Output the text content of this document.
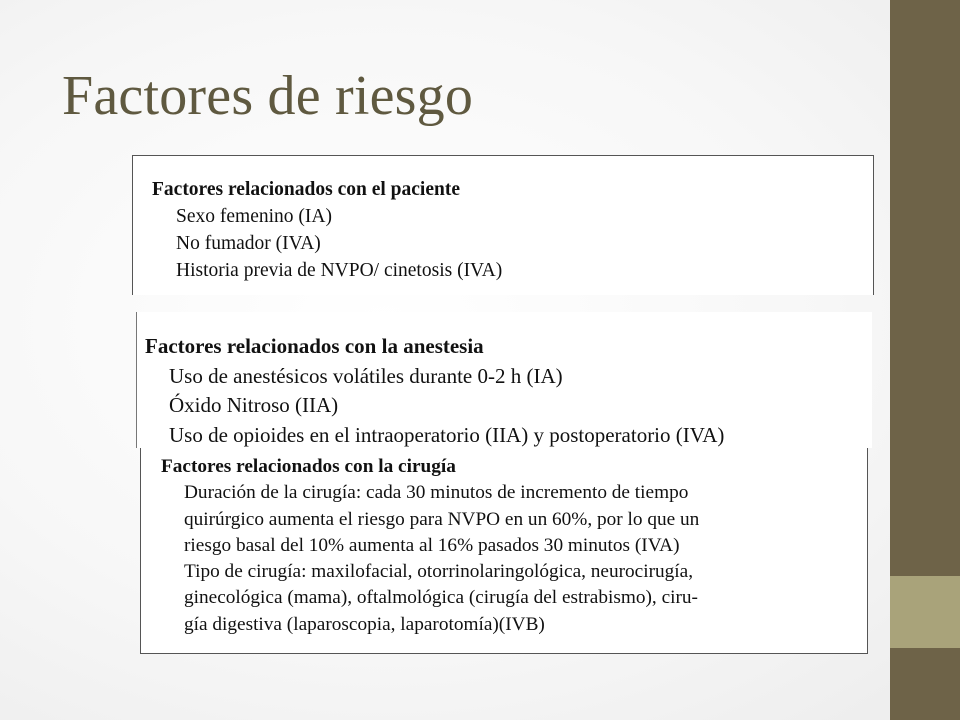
Factores de riesgo

Factores relacionados con el paciente

Sexo femenino (IA)

No fumador (IVA)

Historia previa de NVPO/ cinetosis (IVA)

Factores relacionados con la anestesia

Uso de anestésicos volátiles durante 0-2 h (IA)

Óxido Nitroso (IIA)

Uso de opioides en el intraoperatorio (IIA) y postoperatorio (IVA)

Factores relacionados con la cirugía

Duración de la cirugía: cada 30 minutos de incremento de tiempo

quirúrgico aumenta el riesgo para NVPO en un 60%, por lo que un

riesgo basal del 10% aumenta al 16% pasados 30 minutos (IVA)

Tipo de cirugía: maxilofacial, otorrinolaringológica, neurocirugía,

ginecológica (mama), oftalmológica (cirugía del estrabismo), ciru-

gía digestiva (laparoscopia, laparotomía)(IVB)
